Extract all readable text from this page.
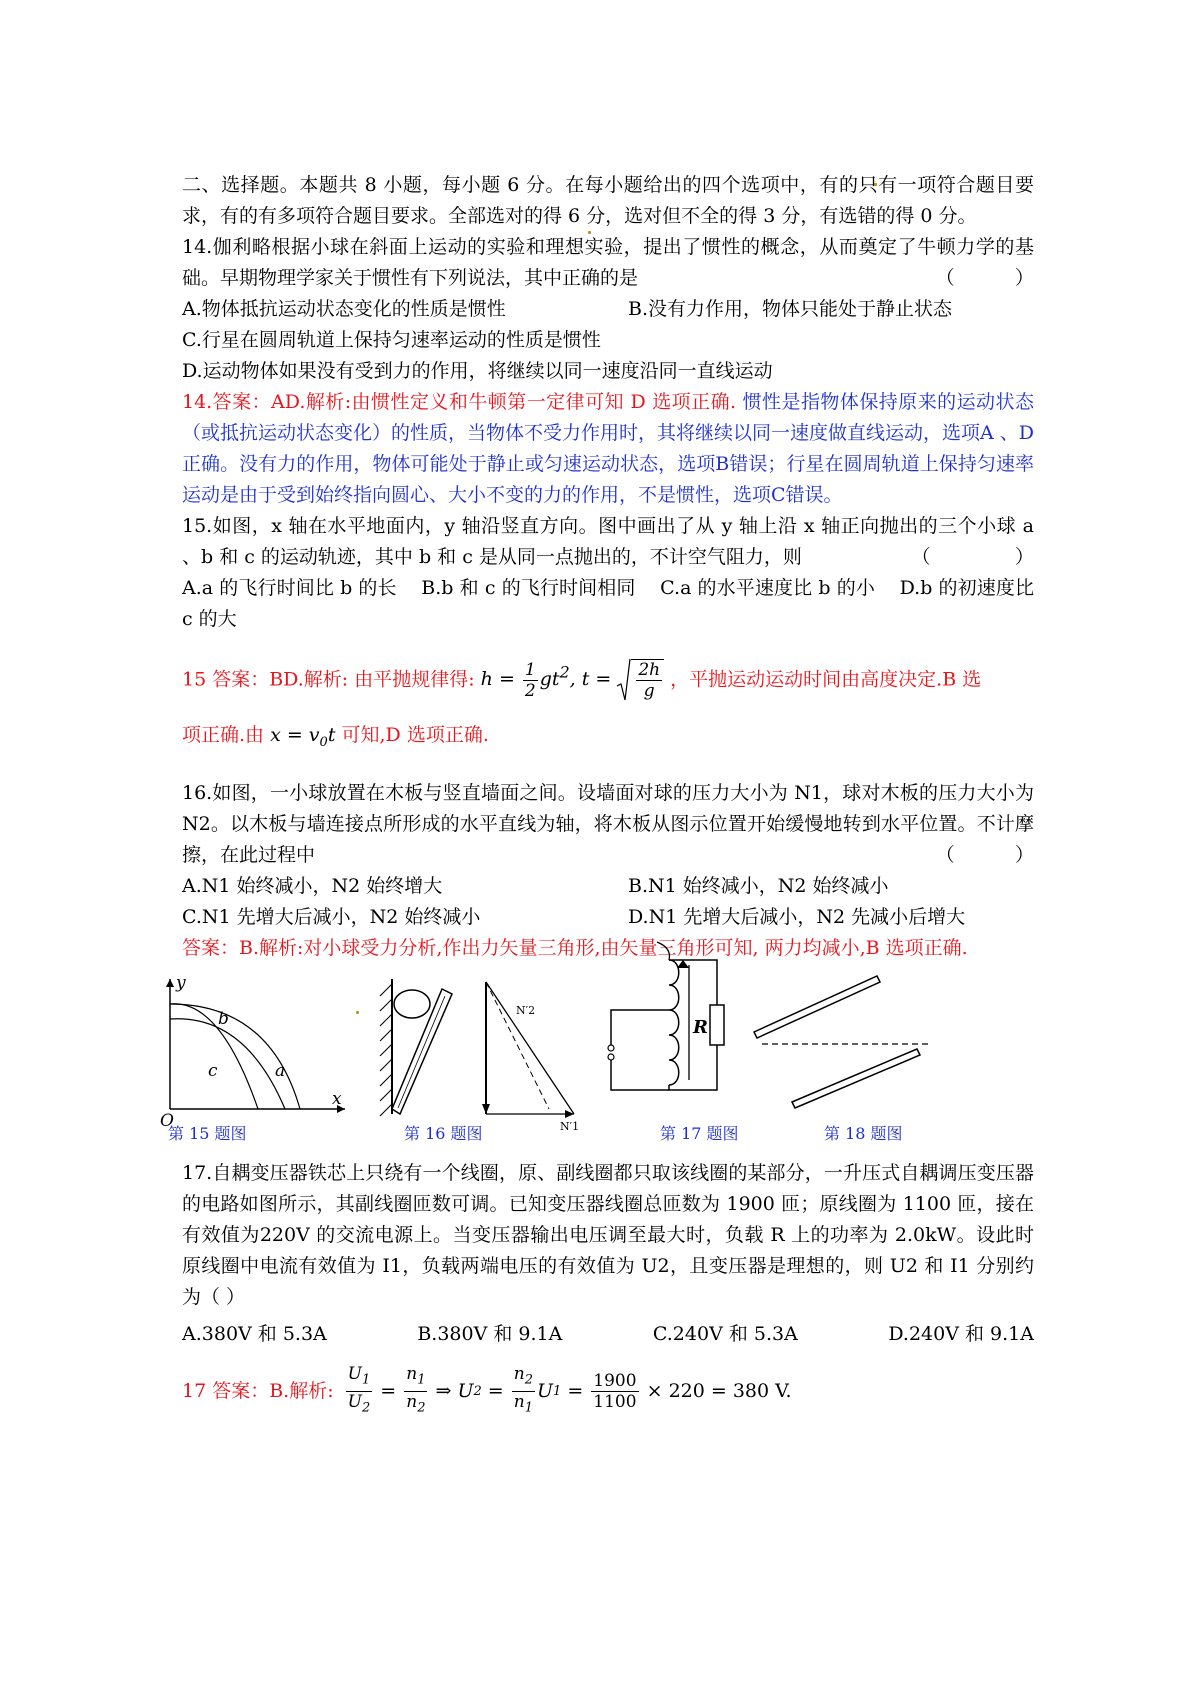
二、选择题。本题共 8 小题，每小题 6 分。在每小题给出的四个选项中，有的只有一项符合题目要求，有的有多项符合题目要求。全部选对的得 6 分，选对但不全的得 3 分，有选错的得 0 分。

14.伽利略根据小球在斜面上运动的实验和理想实验，提出了惯性的概念，从而奠定了牛顿力学的基础。早期物理学家关于惯性有下列说法，其中正确的是	（          ）

A.物体抵抗运动状态变化的性质是惯性	B.没有力作用，物体只能处于静止状态

C.行星在圆周轨道上保持匀速率运动的性质是惯性

D.运动物体如果没有受到力的作用，将继续以同一速度沿同一直线运动

14.答案：AD.解析:由惯性定义和牛顿第一定律可知 D 选项正确. 惯性是指物体保持原来的运动状态（或抵抗运动状态变化）的性质，当物体不受力作用时，其将继续以同一速度做直线运动，选项A 、D正确。没有力的作用，物体可能处于静止或匀速运动状态，选项B错误；行星在圆周轨道上保持匀速率运动是由于受到始终指向圆心、大小不变的力的作用，不是惯性，选项C错误。

15.如图，x 轴在水平地面内，y 轴沿竖直方向。图中画出了从 y 轴上沿 x 轴正向抛出的三个小球 a 、b 和 c 的运动轨迹，其中 b 和 c 是从同一点抛出的，不计空气阻力，则	（              ）

A.a 的飞行时间比 b 的长    B.b 和 c 的飞行时间相同    C.a 的水平速度比 b 的小    D.b 的初速度比 c 的大

15 答案：BD.解析: 由平抛规律得: $h = \frac{1}{2} gt^2$, $t = \frac{2h}{g}$ ，平抛运动运动时间由高度决定.B 选

项正确.由 $x = v_0t$ 可知,D 选项正确.

16.如图，一小球放置在木板与竖直墙面之间。设墙面对球的压力大小为 N1，球对木板的压力大小为 N2。以木板与墙连接点所形成的水平直线为轴，将木板从图示位置开始缓慢地转到水平位置。不计摩擦，在此过程中	（          ）

A.N1 始终减小，N2 始终增大	B.N1 始终减小，N2 始终减小
C.N1 先增大后减小，N2 始终减小	D.N1 先增大后减小，N2 先减小后增大

答案：B.解析:对小球受力分析,作出力矢量三角形,由矢量三角形可知, 两力均减小,B 选项正确.

y
x
O
b
c	a
N′2
N′1
R
第 15 题图	第 16 题图	第 17 题图	第 18 题图

17.自耦变压器铁芯上只绕有一个线圈，原、副线圈都只取该线圈的某部分，一升压式自耦调压变压器的电路如图所示，其副线圈匝数可调。已知变压器线圈总匝数为 1900 匝；原线圈为 1100 匝，接在有效值为220V 的交流电源上。当变压器输出电压调至最大时，负载 R 上的功率为 2.0kW。设此时原线圈中电流有效值为 I1，负载两端电压的有效值为 U2，且变压器是理想的，则 U2 和 I1 分别约为（ ）

A.380V 和 5.3A	B.380V 和 9.1A	C.240V 和 5.3A	D.240V 和 9.1A
17 答案：B.解析: $\frac{U_1}{U_2} = \frac{n_1}{n_2}$ ⇒ U $2 = \frac{n_2}{n_1}$ U $1 = \frac{1900}{1100} \times 220$
= 380 V.
